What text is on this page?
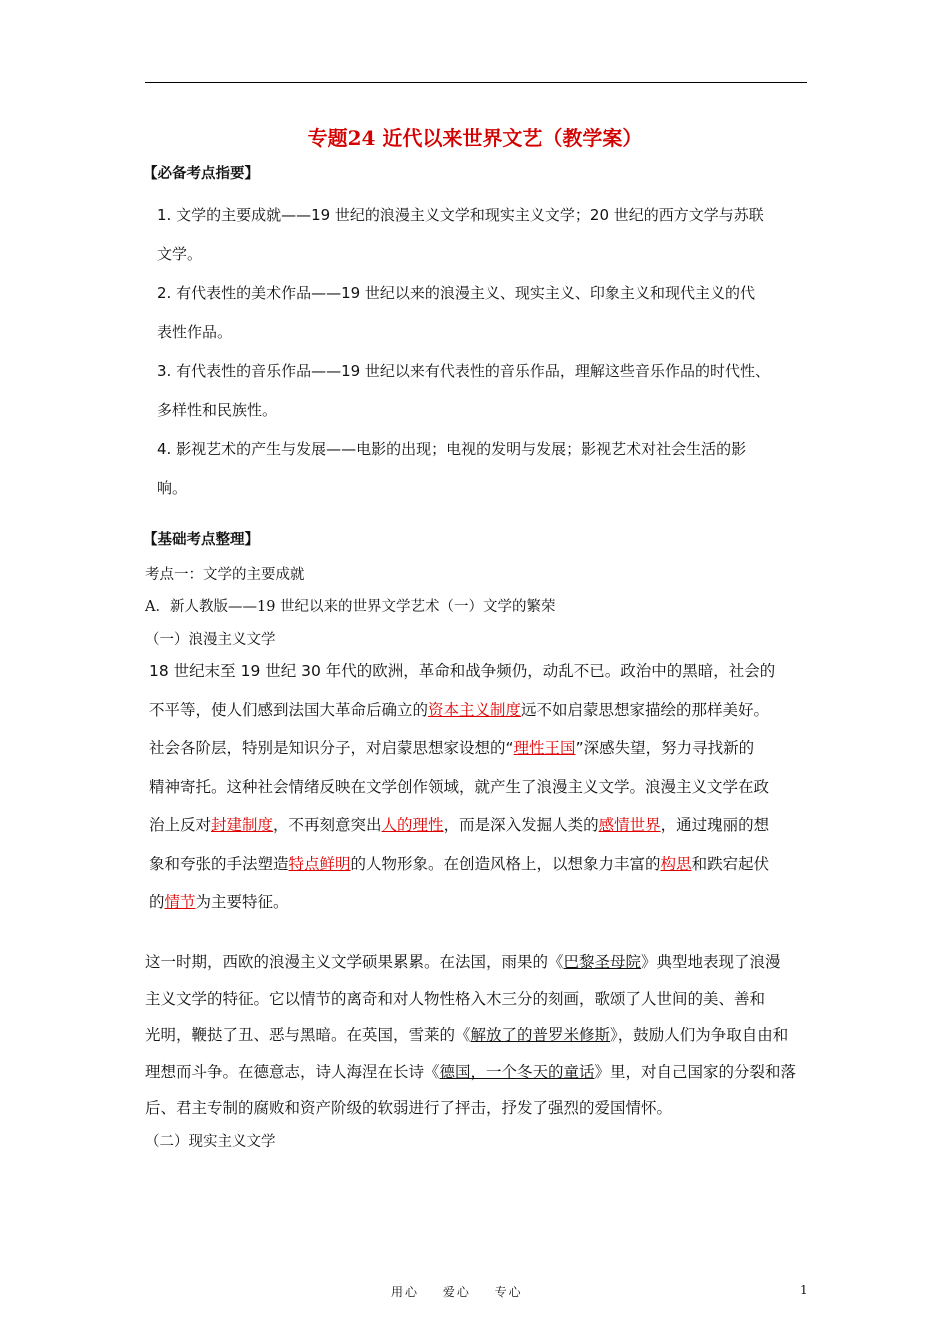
专题24 近代以来世界文艺（教学案）
【必备考点指要】
1. 文学的主要成就——19 世纪的浪漫主义文学和现实主义文学；20 世纪的西方文学与苏联
文学。
2. 有代表性的美术作品——19 世纪以来的浪漫主义、现实主义、印象主义和现代主义的代
表性作品。
3. 有代表性的音乐作品——19 世纪以来有代表性的音乐作品，理解这些音乐作品的时代性、
多样性和民族性。
4. 影视艺术的产生与发展——电影的出现；电视的发明与发展；影视艺术对社会生活的影
响。
【基础考点整理】
考点一：文学的主要成就
A．新人教版——19 世纪以来的世界文学艺术（一）文学的繁荣
（一）浪漫主义文学
18 世纪末至 19 世纪 30 年代的欧洲，革命和战争频仍，动乱不已。政治中的黑暗，社会的
不平等，使人们感到法国大革命后确立的资本主义制度远不如启蒙思想家描绘的那样美好。
社会各阶层，特别是知识分子，对启蒙思想家设想的“理性王国”深感失望，努力寻找新的
精神寄托。这种社会情绪反映在文学创作领域，就产生了浪漫主义文学。浪漫主义文学在政
治上反对封建制度，不再刻意突出人的理性，而是深入发掘人类的感情世界，通过瑰丽的想
象和夸张的手法塑造特点鲜明的人物形象。在创造风格上，以想象力丰富的构思和跌宕起伏
的情节为主要特征。
这一时期，西欧的浪漫主义文学硕果累累。在法国，雨果的《巴黎圣母院》典型地表现了浪漫
主义文学的特征。它以情节的离奇和对人物性格入木三分的刻画，歌颂了人世间的美、善和
光明，鞭挞了丑、恶与黑暗。在英国，雪莱的《解放了的普罗米修斯》，鼓励人们为争取自由和
理想而斗争。在德意志，诗人海涅在长诗《德国，一个冬天的童话》里，对自己国家的分裂和落
后、君主专制的腐败和资产阶级的软弱进行了抨击，抒发了强烈的爱国情怀。
（二）现实主义文学
用心 爱心 专心	1
